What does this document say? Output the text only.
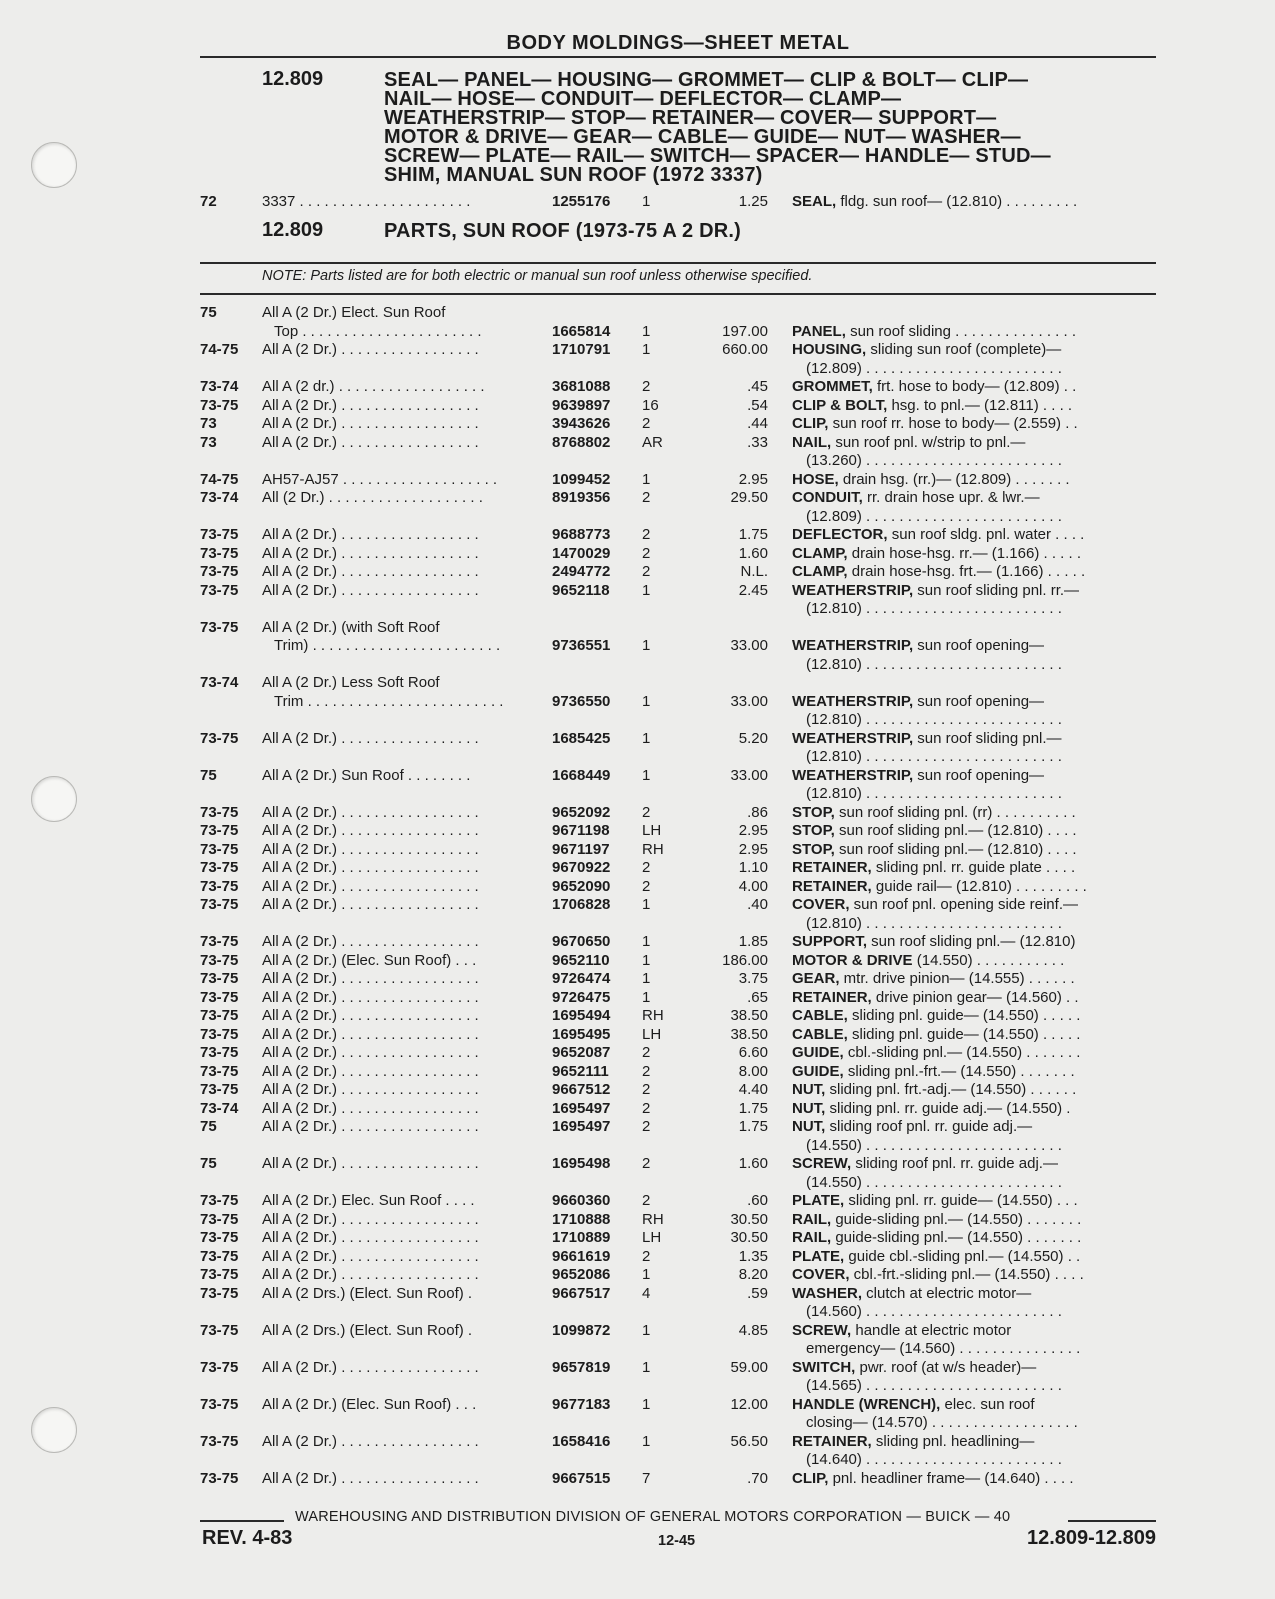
BODY MOLDINGS—SHEET METAL
12.809	SEAL— PANEL— HOUSING— GROMMET— CLIP & BOLT— CLIP—
NAIL— HOSE— CONDUIT— DEFLECTOR— CLAMP—
WEATHERSTRIP— STOP— RETAINER— COVER— SUPPORT—
MOTOR & DRIVE— GEAR— CABLE— GUIDE— NUT— WASHER—
SCREW— PLATE— RAIL— SWITCH— SPACER— HANDLE— STUD—
SHIM, MANUAL SUN ROOF (1972 3337)
12.809	PARTS, SUN ROOF (1973-75 A 2 DR.)
NOTE: Parts listed are for both electric or manual sun roof unless otherwise specified.
72	3337 . . . . . . . . . . . . . . . . . . . . .	1255176	1	1.25 SEAL, fldg. sun roof— (12.810) . . . . . . . . .
75	All A (2 Dr.) Elect. Sun Roof
Top . . . . . . . . . . . . . . . . . . . . . .	1665814	1	197.00 PANEL, sun roof sliding . . . . . . . . . . . . . . .
74-75 All A (2 Dr.) . . . . . . . . . . . . . . . . .	1710791	1	660.00 HOUSING, sliding sun roof (complete)—
(12.809) . . . . . . . . . . . . . . . . . . . . . . . .
73-74 All A (2 dr.) . . . . . . . . . . . . . . . . . .	3681088	2	.45 GROMMET, frt. hose to body— (12.809) . .
73-75 All A (2 Dr.) . . . . . . . . . . . . . . . . .	9639897	16	.54 CLIP & BOLT, hsg. to pnl.— (12.811) . . . .
73	All A (2 Dr.) . . . . . . . . . . . . . . . . .	3943626	2	.44 CLIP, sun roof rr. hose to body— (2.559) . .
73	All A (2 Dr.) . . . . . . . . . . . . . . . . .	8768802	AR	.33 NAIL, sun roof pnl. w/strip to pnl.—
(13.260) . . . . . . . . . . . . . . . . . . . . . . . .
74-75 AH57-AJ57 . . . . . . . . . . . . . . . . . . .	1099452	1	2.95 HOSE, drain hsg. (rr.)— (12.809) . . . . . . .
73-74 All (2 Dr.) . . . . . . . . . . . . . . . . . . .	8919356	2	29.50 CONDUIT, rr. drain hose upr. & lwr.—
(12.809) . . . . . . . . . . . . . . . . . . . . . . . .
73-75 All A (2 Dr.) . . . . . . . . . . . . . . . . .	9688773	2	1.75 DEFLECTOR, sun roof sldg. pnl. water . . . .
73-75 All A (2 Dr.) . . . . . . . . . . . . . . . . .	1470029	2	1.60 CLAMP, drain hose-hsg. rr.— (1.166) . . . . .
73-75 All A (2 Dr.) . . . . . . . . . . . . . . . . .	2494772	2	N.L. CLAMP, drain hose-hsg. frt.— (1.166) . . . . .
73-75 All A (2 Dr.) . . . . . . . . . . . . . . . . .	9652118	1	2.45 WEATHERSTRIP, sun roof sliding pnl. rr.—
(12.810) . . . . . . . . . . . . . . . . . . . . . . . .
73-75 All A (2 Dr.) (with Soft Roof
Trim) . . . . . . . . . . . . . . . . . . . . . . .	9736551	1	33.00 WEATHERSTRIP, sun roof opening—
(12.810) . . . . . . . . . . . . . . . . . . . . . . . .
73-74 All A (2 Dr.) Less Soft Roof
Trim . . . . . . . . . . . . . . . . . . . . . . . .	9736550	1	33.00 WEATHERSTRIP, sun roof opening—
(12.810) . . . . . . . . . . . . . . . . . . . . . . . .
73-75 All A (2 Dr.) . . . . . . . . . . . . . . . . .	1685425	1	5.20 WEATHERSTRIP, sun roof sliding pnl.—
(12.810) . . . . . . . . . . . . . . . . . . . . . . . .
75	All A (2 Dr.) Sun Roof . . . . . . . .	1668449	1	33.00 WEATHERSTRIP, sun roof opening—
(12.810) . . . . . . . . . . . . . . . . . . . . . . . .
73-75 All A (2 Dr.) . . . . . . . . . . . . . . . . .	9652092	2	.86 STOP, sun roof sliding pnl. (rr) . . . . . . . . . .
73-75 All A (2 Dr.) . . . . . . . . . . . . . . . . .	9671198	LH	2.95 STOP, sun roof sliding pnl.— (12.810) . . . .
73-75 All A (2 Dr.) . . . . . . . . . . . . . . . . .	9671197	RH	2.95 STOP, sun roof sliding pnl.— (12.810) . . . .
73-75 All A (2 Dr.) . . . . . . . . . . . . . . . . .	9670922	2	1.10 RETAINER, sliding pnl. rr. guide plate . . . .
73-75 All A (2 Dr.) . . . . . . . . . . . . . . . . .	9652090	2	4.00 RETAINER, guide rail— (12.810) . . . . . . . . .
73-75 All A (2 Dr.) . . . . . . . . . . . . . . . . .	1706828	1	.40 COVER, sun roof pnl. opening side reinf.—
(12.810) . . . . . . . . . . . . . . . . . . . . . . . .
73-75 All A (2 Dr.) . . . . . . . . . . . . . . . . .	9670650	1	1.85 SUPPORT, sun roof sliding pnl.— (12.810)
73-75 All A (2 Dr.) (Elec. Sun Roof) . . .	9652110	1	186.00 MOTOR & DRIVE (14.550) . . . . . . . . . . .
73-75 All A (2 Dr.) . . . . . . . . . . . . . . . . .	9726474	1	3.75 GEAR, mtr. drive pinion— (14.555) . . . . . .
73-75 All A (2 Dr.) . . . . . . . . . . . . . . . . .	9726475	1	.65 RETAINER, drive pinion gear— (14.560) . .
73-75 All A (2 Dr.) . . . . . . . . . . . . . . . . .	1695494	RH	38.50 CABLE, sliding pnl. guide— (14.550) . . . . .
73-75 All A (2 Dr.) . . . . . . . . . . . . . . . . .	1695495	LH	38.50 CABLE, sliding pnl. guide— (14.550) . . . . .
73-75 All A (2 Dr.) . . . . . . . . . . . . . . . . .	9652087	2	6.60 GUIDE, cbl.-sliding pnl.— (14.550) . . . . . . .
73-75 All A (2 Dr.) . . . . . . . . . . . . . . . . .	9652111	2	8.00 GUIDE, sliding pnl.-frt.— (14.550) . . . . . . .
73-75 All A (2 Dr.) . . . . . . . . . . . . . . . . .	9667512	2	4.40 NUT, sliding pnl. frt.-adj.— (14.550) . . . . . .
73-74 All A (2 Dr.) . . . . . . . . . . . . . . . . .	1695497	2	1.75 NUT, sliding pnl. rr. guide adj.— (14.550) .
75	All A (2 Dr.) . . . . . . . . . . . . . . . . .	1695497	2	1.75 NUT, sliding roof pnl. rr. guide adj.—
(14.550) . . . . . . . . . . . . . . . . . . . . . . . .
75	All A (2 Dr.) . . . . . . . . . . . . . . . . .	1695498	2	1.60 SCREW, sliding roof pnl. rr. guide adj.—
(14.550) . . . . . . . . . . . . . . . . . . . . . . . .
73-75 All A (2 Dr.) Elec. Sun Roof . . . .	9660360	2	.60 PLATE, sliding pnl. rr. guide— (14.550) . . .
73-75 All A (2 Dr.) . . . . . . . . . . . . . . . . .	1710888	RH	30.50 RAIL, guide-sliding pnl.— (14.550) . . . . . . .
73-75 All A (2 Dr.) . . . . . . . . . . . . . . . . .	1710889	LH	30.50 RAIL, guide-sliding pnl.— (14.550) . . . . . . .
73-75 All A (2 Dr.) . . . . . . . . . . . . . . . . .	9661619	2	1.35 PLATE, guide cbl.-sliding pnl.— (14.550) . .
73-75 All A (2 Dr.) . . . . . . . . . . . . . . . . .	9652086	1	8.20 COVER, cbl.-frt.-sliding pnl.— (14.550) . . . .
73-75 All A (2 Drs.) (Elect. Sun Roof) .	9667517	4	.59 WASHER, clutch at electric motor—
(14.560) . . . . . . . . . . . . . . . . . . . . . . . .
73-75 All A (2 Drs.) (Elect. Sun Roof) .	1099872	1	4.85 SCREW, handle at electric motor
emergency— (14.560) . . . . . . . . . . . . . . .
73-75 All A (2 Dr.) . . . . . . . . . . . . . . . . .	9657819	1	59.00 SWITCH, pwr. roof (at w/s header)—
(14.565) . . . . . . . . . . . . . . . . . . . . . . . .
73-75 All A (2 Dr.) (Elec. Sun Roof) . . .	9677183	1	12.00 HANDLE (WRENCH), elec. sun roof
closing— (14.570) . . . . . . . . . . . . . . . . . .
73-75 All A (2 Dr.) . . . . . . . . . . . . . . . . .	1658416	1	56.50 RETAINER, sliding pnl. headlining—
(14.640) . . . . . . . . . . . . . . . . . . . . . . . .
73-75 All A (2 Dr.) . . . . . . . . . . . . . . . . .	9667515	7	.70 CLIP, pnl. headliner frame— (14.640) . . . .
WAREHOUSING AND DISTRIBUTION DIVISION OF GENERAL MOTORS CORPORATION — BUICK — 40
REV. 4-83	12-45	12.809-12.809
